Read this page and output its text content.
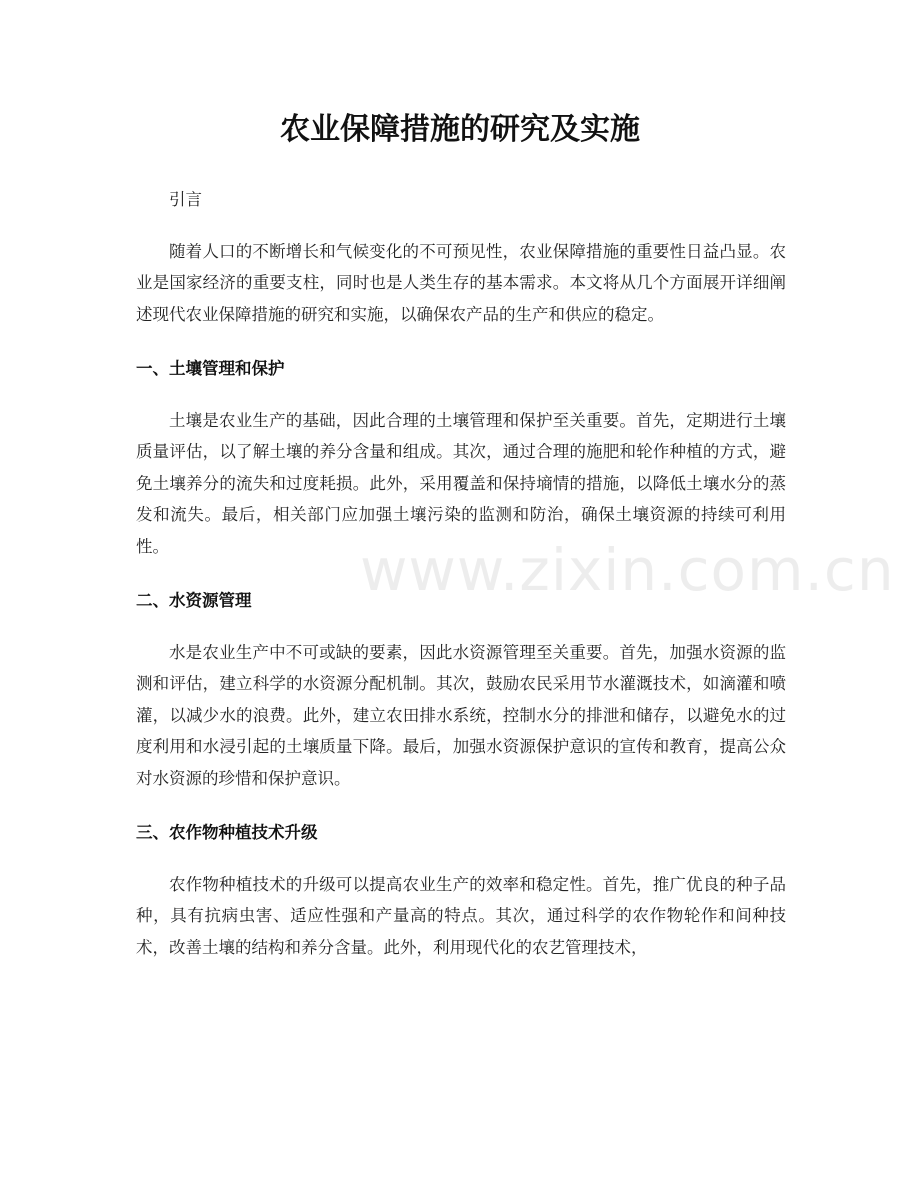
农业保障措施的研究及实施

引言

随着人口的不断增长和气候变化的不可预见性，农业保障措施的重要性日益凸显。农业是国家经济的重要支柱，同时也是人类生存的基本需求。本文将从几个方面展开详细阐述现代农业保障措施的研究和实施，以确保农产品的生产和供应的稳定。

一、土壤管理和保护

土壤是农业生产的基础，因此合理的土壤管理和保护至关重要。首先，定期进行土壤质量评估，以了解土壤的养分含量和组成。其次，通过合理的施肥和轮作种植的方式，避免土壤养分的流失和过度耗损。此外，采用覆盖和保持墒情的措施，以降低土壤水分的蒸发和流失。最后，相关部门应加强土壤污染的监测和防治，确保土壤资源的持续可利用性。

二、水资源管理

水是农业生产中不可或缺的要素，因此水资源管理至关重要。首先，加强水资源的监测和评估，建立科学的水资源分配机制。其次，鼓励农民采用节水灌溉技术，如滴灌和喷灌，以减少水的浪费。此外，建立农田排水系统，控制水分的排泄和储存，以避免水的过度利用和水浸引起的土壤质量下降。最后，加强水资源保护意识的宣传和教育，提高公众对水资源的珍惜和保护意识。

三、农作物种植技术升级

农作物种植技术的升级可以提高农业生产的效率和稳定性。首先，推广优良的种子品种，具有抗病虫害、适应性强和产量高的特点。其次，通过科学的农作物轮作和间种技术，改善土壤的结构和养分含量。此外，利用现代化的农艺管理技术，

www.zixin.com.cn
